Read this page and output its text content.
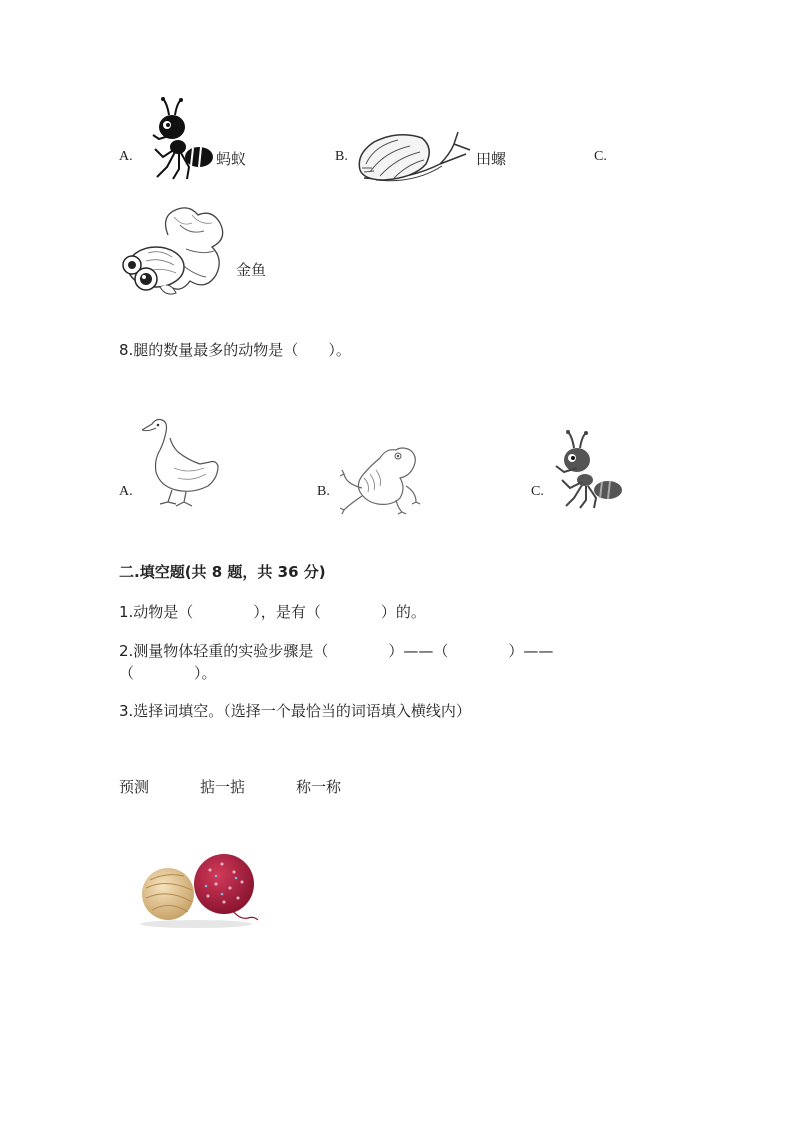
A.	蚂蚁	B.	田螺	C.
金鱼
8.腿的数量最多的动物是（　　）。
A.	B.	C.
二.填空题(共 8 题，共 36 分)
1.动物是（　　　　），是有（　　　　）的。
2.测量物体轻重的实验步骤是（　　　　）——（　　　　）——
（　　　　）。
3.选择词填空。（选择一个最恰当的词语填入横线内）
预测	掂一掂	称一称
